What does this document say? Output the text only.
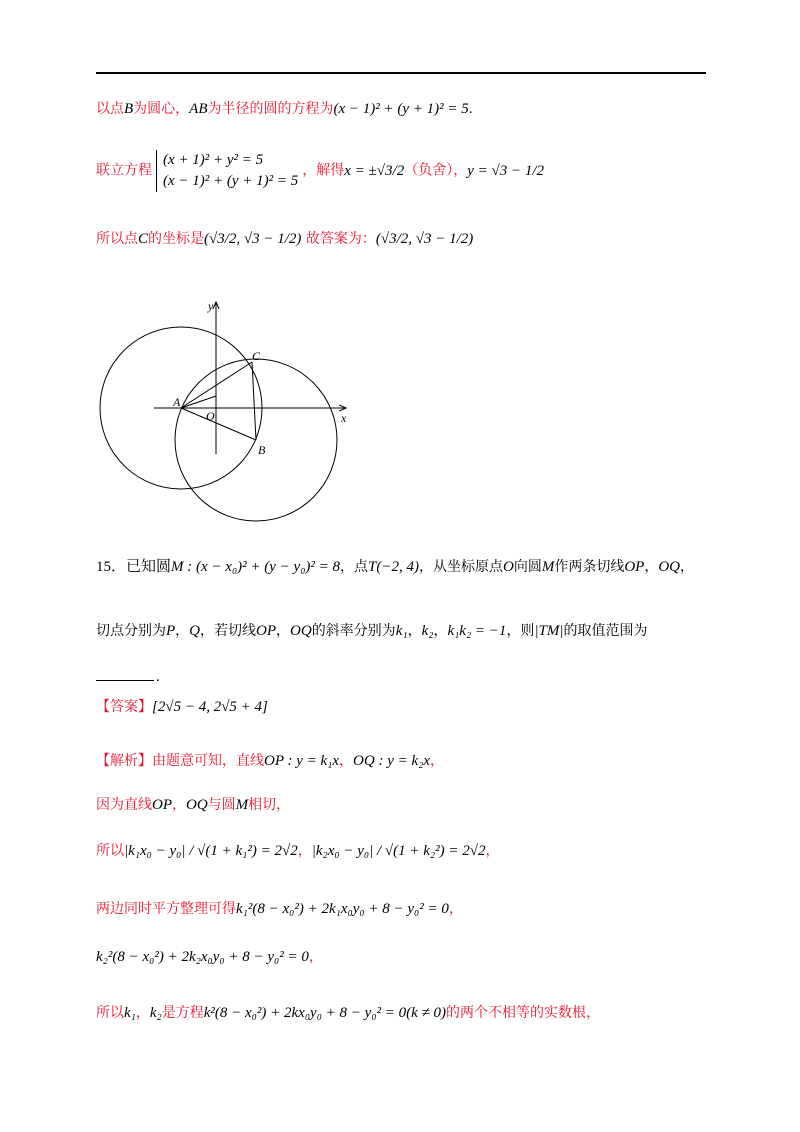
以点B为圆心，AB为半径的圆的方程为(x − 1)² + (y + 1)² = 5.
联立方程
(x + 1)² + y² = 5
(x − 1)² + (y + 1)² = 5
，解得x = ±√3/2（负舍），y = √3 − 1/2
所以点C的坐标是(√3/2, √3 − 1/2) 故答案为：(√3/2, √3 − 1/2)
x
y
A
B
C
O
15．已知圆M : (x − x₀)² + (y − y₀)² = 8，点T(−2, 4)，从坐标原点O向圆M作两条切线OP，OQ，
切点分别为P，Q，若切线OP，OQ的斜率分别为k₁，k₂，k₁k₂ = −1，则|TM|的取值范围为
.
【答案】[2√5 − 4, 2√5 + 4]
【解析】由题意可知，直线OP : y = k₁x，OQ : y = k₂x，
因为直线OP，OQ与圆M相切，
所以|k₁x₀ − y₀| / √(1 + k₁²) = 2√2，|k₂x₀ − y₀| / √(1 + k₂²) = 2√2，
两边同时平方整理可得k₁²(8 − x₀²) + 2k₁x₀y₀ + 8 − y₀² = 0，
k₂²(8 − x₀²) + 2k₂x₀y₀ + 8 − y₀² = 0，
所以k₁，k₂是方程k²(8 − x₀²) + 2kx₀y₀ + 8 − y₀² = 0(k ≠ 0)的两个不相等的实数根，
